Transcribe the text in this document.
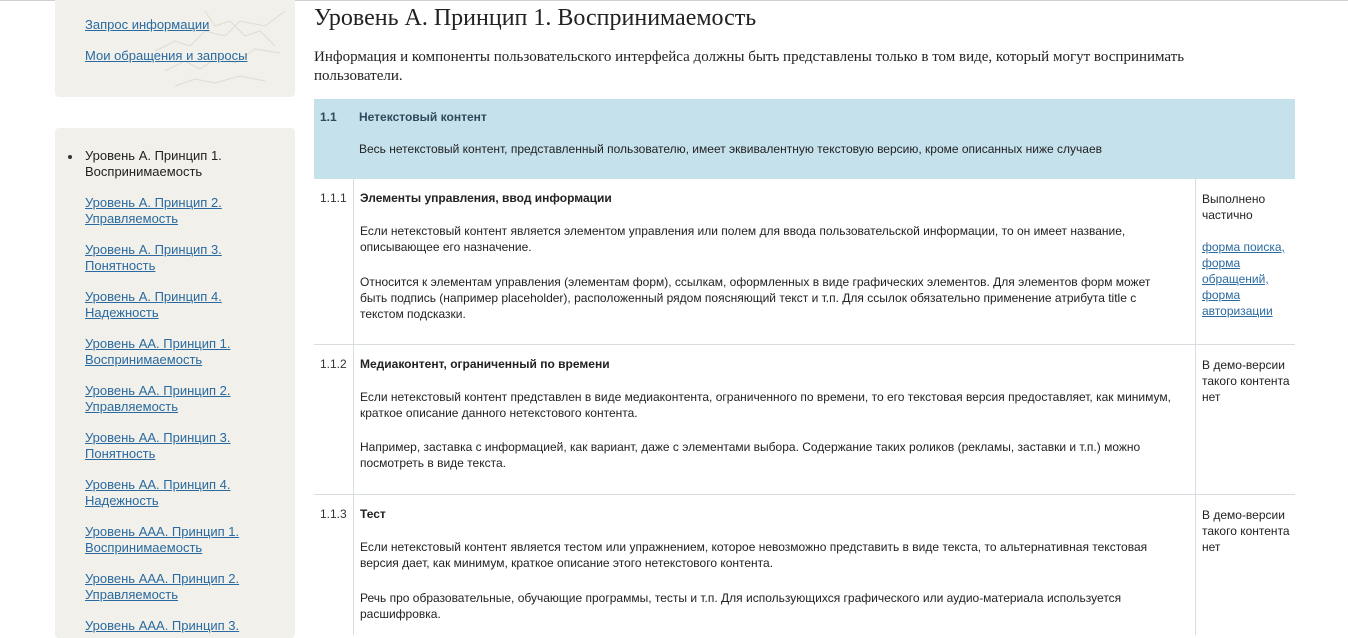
Запрос информации
Мои обращения и запросы
Уровень А. Принцип 1. Воспринимаемость
Уровень А. Принцип 2. Управляемость
Уровень А. Принцип 3. Понятность
Уровень А. Принцип 4. Надежность
Уровень АА. Принцип 1. Воспринимаемость
Уровень АА. Принцип 2. Управляемость
Уровень АА. Принцип 3. Понятность
Уровень АА. Принцип 4. Надежность
Уровень ААА. Принцип 1. Воспринимаемость
Уровень ААА. Принцип 2. Управляемость
Уровень ААА. Принцип 3.
Уровень А. Принцип 1. Воспринимаемость

Информация и компоненты пользовательского интерфейса должны быть представлены только в том виде, который могут воспринимать пользователи.

1.1 Нетекстовый контент
Весь нетекстовый контент, представленный пользователю, имеет эквивалентную текстовую версию, кроме описанных ниже случаев
1.1.1 Элементы управления, ввод информации

Если нетекстовый контент является элементом управления или полем для ввода пользовательской информации, то он имеет название, описывающее его назначение.

Относится к элементам управления (элементам форм), ссылкам, оформленных в виде графических элементов. Для элементов форм может быть подпись (например placeholder), расположенный рядом поясняющий текст и т.п. Для ссылок обязательно применение атрибута title с текстом подсказки.

Выполнено частично
форма поиска,
форма обращений,
форма авторизации
1.1.2 Медиаконтент, ограниченный по времени

Если нетекстовый контент представлен в виде медиаконтента, ограниченного по времени, то его текстовая версия предоставляет, как минимум, краткое описание данного нетекстового контента.

Например, заставка с информацией, как вариант, даже с элементами выбора. Содержание таких роликов (рекламы, заставки и т.п.) можно посмотреть в виде текста.

В демо-версии такого контента нет
1.1.3 Тест

Если нетекстовый контент является тестом или упражнением, которое невозможно представить в виде текста, то альтернативная текстовая версия дает, как минимум, краткое описание этого нетекстового контента.

Речь про образовательные, обучающие программы, тесты и т.п. Для использующихся графического или аудио-материала используется расшифровка.

В демо-версии такого контента нет
